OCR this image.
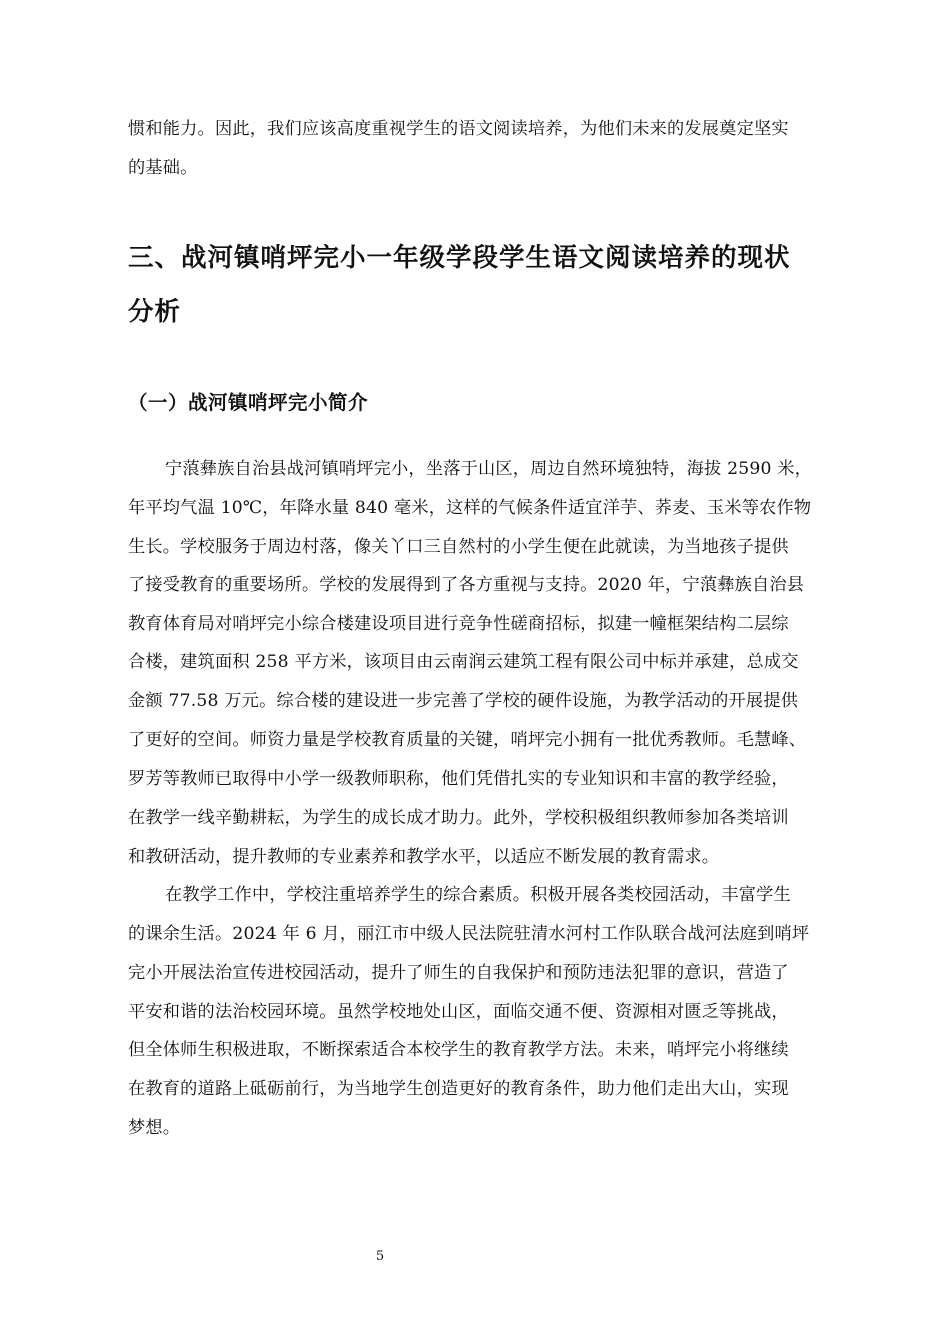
惯和能力。因此，我们应该高度重视学生的语文阅读培养，为他们未来的发展奠定坚实
的基础。
三、战河镇哨坪完小一年级学段学生语文阅读培养的现状
分析
（一）战河镇哨坪完小简介
宁蒗彝族自治县战河镇哨坪完小，坐落于山区，周边自然环境独特，海拔 2590 米，
年平均气温 10℃，年降水量 840 毫米，这样的气候条件适宜洋芋、荞麦、玉米等农作物
生长。学校服务于周边村落，像关丫口三自然村的小学生便在此就读，为当地孩子提供
了接受教育的重要场所。学校的发展得到了各方重视与支持。2020 年，宁蒗彝族自治县
教育体育局对哨坪完小综合楼建设项目进行竞争性磋商招标，拟建一幢框架结构二层综
合楼，建筑面积 258 平方米，该项目由云南润云建筑工程有限公司中标并承建，总成交
金额 77.58 万元。综合楼的建设进一步完善了学校的硬件设施，为教学活动的开展提供
了更好的空间。师资力量是学校教育质量的关键，哨坪完小拥有一批优秀教师。毛慧峰、
罗芳等教师已取得中小学一级教师职称，他们凭借扎实的专业知识和丰富的教学经验，
在教学一线辛勤耕耘，为学生的成长成才助力。此外，学校积极组织教师参加各类培训
和教研活动，提升教师的专业素养和教学水平，以适应不断发展的教育需求。
在教学工作中，学校注重培养学生的综合素质。积极开展各类校园活动，丰富学生
的课余生活。2024 年 6 月，丽江市中级人民法院驻清水河村工作队联合战河法庭到哨坪
完小开展法治宣传进校园活动，提升了师生的自我保护和预防违法犯罪的意识，营造了
平安和谐的法治校园环境。虽然学校地处山区，面临交通不便、资源相对匮乏等挑战，
但全体师生积极进取，不断探索适合本校学生的教育教学方法。未来，哨坪完小将继续
在教育的道路上砥砺前行，为当地学生创造更好的教育条件，助力他们走出大山，实现
梦想。
5
